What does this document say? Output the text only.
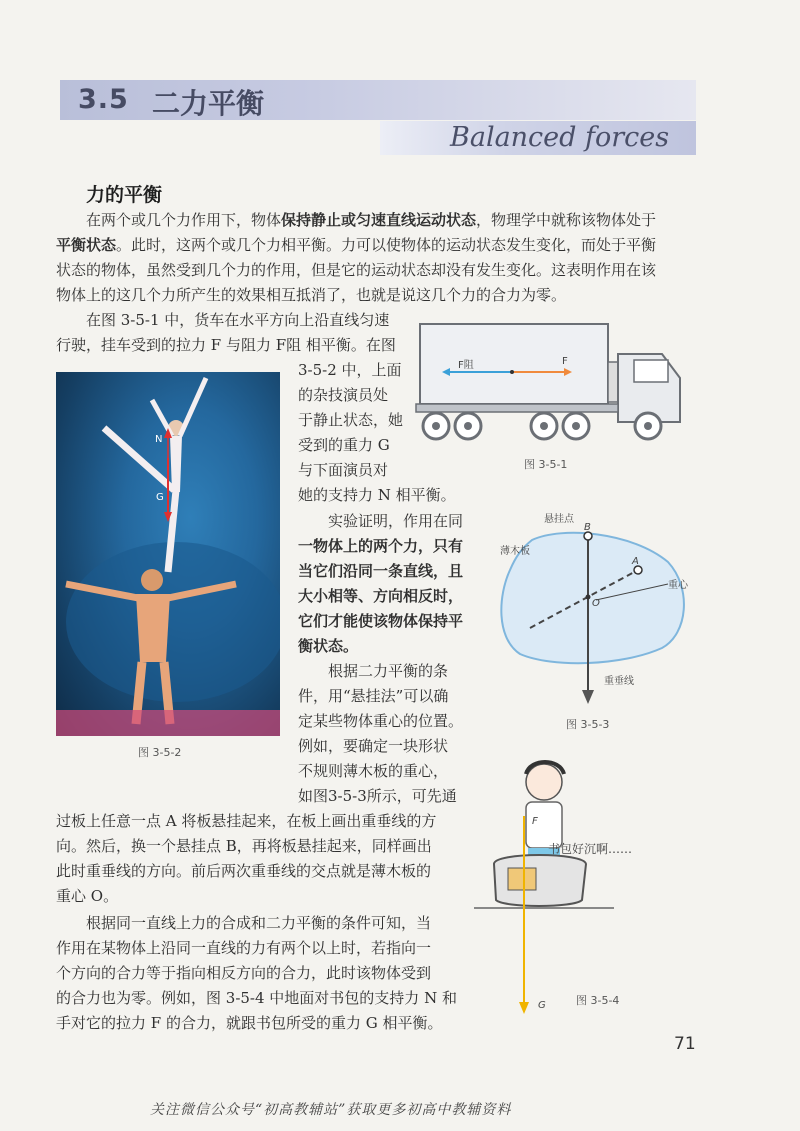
3.5 二力平衡
Balanced forces
力的平衡
在两个或几个力作用下，物体保持静止或匀速直线运动状态，物理学中就称该物体处于
平衡状态。此时，这两个或几个力相平衡。力可以使物体的运动状态发生变化，而处于平衡
状态的物体，虽然受到几个力的作用，但是它的运动状态却没有发生变化。这表明作用在该
物体上的这几个力所产生的效果相互抵消了，也就是说这几个力的合力为零。
在图 3-5-1 中，货车在水平方向上沿直线匀速
行驶，挂车受到的拉力 F 与阻力 F阻 相平衡。在图
3-5-2 中，上面
的杂技演员处
于静止状态，她
受到的重力 G
与下面演员对
她的支持力 N 相平衡。
实验证明，作用在同
一物体上的两个力，只有
当它们沿同一条直线，且
大小相等、方向相反时，
它们才能使该物体保持平
衡状态。
根据二力平衡的条
件，用“悬挂法”可以确
定某些物体重心的位置。
例如，要确定一块形状
不规则薄木板的重心，
如图3-5-3所示，可先通
过板上任意一点 A 将板悬挂起来，在板上画出重垂线的方
向。然后，换一个悬挂点 B，再将板悬挂起来，同样画出
此时重垂线的方向。前后两次重垂线的交点就是薄木板的
重心 O。
根据同一直线上力的合成和二力平衡的条件可知，当
作用在某物体上沿同一直线的力有两个以上时，若指向一
个方向的合力等于指向相反方向的合力，此时该物体受到
的合力也为零。例如，图 3-5-4 中地面对书包的支持力 N 和
手对它的拉力 F 的合力，就跟书包所受的重力 G 相平衡。
F阻	F
图 3-5-1
N
G
图 3-5-2
悬挂点
薄木板
重心
重垂线
A
B
O
图 3-5-3
书包好沉啊……
F
G	图 3-5-4
71
关注微信公众号“初高教辅站”获取更多初高中教辅资料
